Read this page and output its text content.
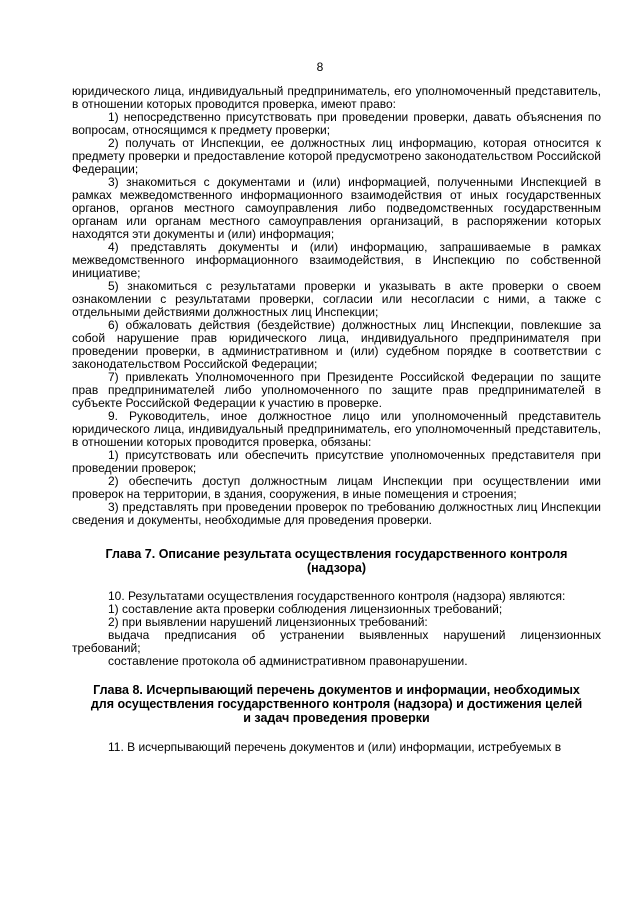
8

юридического лица, индивидуальный предприниматель, его уполномоченный представитель, в отношении которых проводится проверка, имеют право:

1) непосредственно присутствовать при проведении проверки, давать объяснения по вопросам, относящимся к предмету проверки;

2) получать от Инспекции, ее должностных лиц информацию, которая относится к предмету проверки и предоставление которой предусмотрено законодательством Российской Федерации;

3) знакомиться с документами и (или) информацией, полученными Инспекцией в рамках межведомственного информационного взаимодействия от иных государственных органов, органов местного самоуправления либо подведомственных государственным органам или органам местного самоуправления организаций, в распоряжении которых находятся эти документы и (или) информация;

4) представлять документы и (или) информацию, запрашиваемые в рамках межведомственного информационного взаимодействия, в Инспекцию по собственной инициативе;

5) знакомиться с результатами проверки и указывать в акте проверки о своем ознакомлении с результатами проверки, согласии или несогласии с ними, а также с отдельными действиями должностных лиц Инспекции;

6) обжаловать действия (бездействие) должностных лиц Инспекции, повлекшие за собой нарушение прав юридического лица, индивидуального предпринимателя при проведении проверки, в административном и (или) судебном порядке в соответствии с законодательством Российской Федерации;

7) привлекать Уполномоченного при Президенте Российской Федерации по защите прав предпринимателей либо уполномоченного по защите прав предпринимателей в субъекте Российской Федерации к участию в проверке.

9. Руководитель, иное должностное лицо или уполномоченный представитель юридического лица, индивидуальный предприниматель, его уполномоченный представитель, в отношении которых проводится проверка, обязаны:

1) присутствовать или обеспечить присутствие уполномоченных представителя при проведении проверок;

2) обеспечить доступ должностным лицам Инспекции при осуществлении ими проверок на территории, в здания, сооружения, в иные помещения и строения;

3) представлять при проведении проверок по требованию должностных лиц Инспекции сведения и документы, необходимые для проведения проверки.

Глава 7. Описание результата осуществления государственного контроля (надзора)

10. Результатами осуществления государственного контроля (надзора) являются:

1) составление акта проверки соблюдения лицензионных требований;

2) при выявлении нарушений лицензионных требований:

выдача предписания об устранении выявленных нарушений лицензионных требований;

составление протокола об административном правонарушении.

Глава 8. Исчерпывающий перечень документов и информации, необходимых для осуществления государственного контроля (надзора) и достижения целей и задач проведения проверки

11. В исчерпывающий перечень документов и (или) информации, истребуемых в
